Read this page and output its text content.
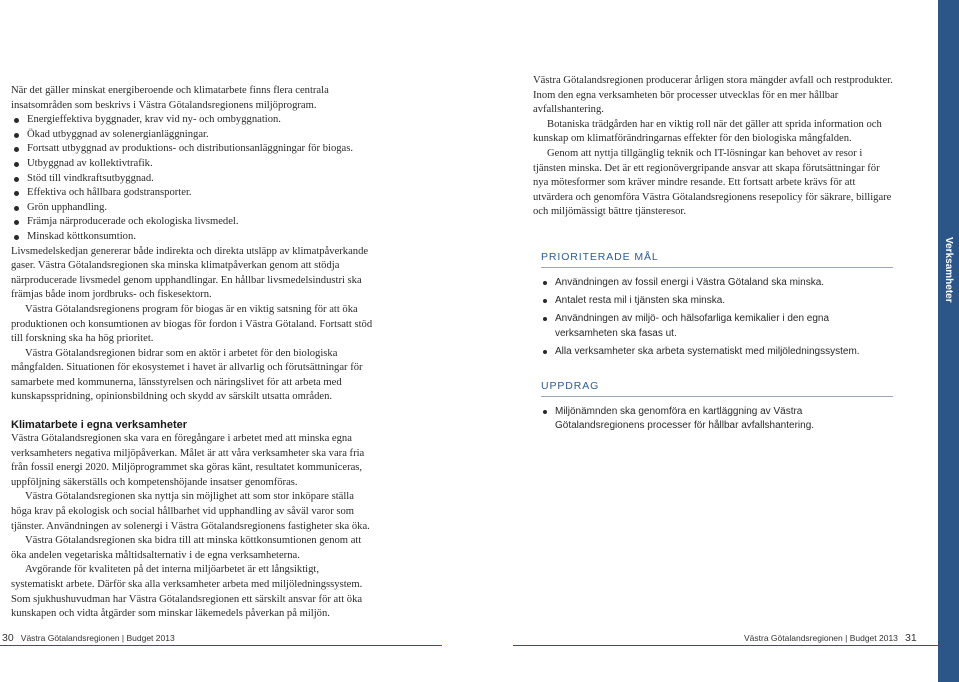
När det gäller minskat energiberoende och klimatarbete finns flera centrala insatsområden som beskrivs i Västra Götalandsregionens miljöprogram.

Energieffektiva byggnader, krav vid ny- och ombyggnation.
Ökad utbyggnad av solenergianläggningar.
Fortsatt utbyggnad av produktions- och distributionsanläggningar för biogas.
Utbyggnad av kollektivtrafik.
Stöd till vindkraftsutbyggnad.
Effektiva och hållbara godstransporter.
Grön upphandling.
Främja närproducerade och ekologiska livsmedel.
Minskad köttkonsumtion.

Livsmedelskedjan genererar både indirekta och direkta utsläpp av klimatpåverkande gaser. Västra Götalandsregionen ska minska klimatpåverkan genom att stödja närproducerade livsmedel genom upphandlingar. En hållbar livsmedelsindustri ska främjas både inom jordbruks- och fiskesektorn.

Västra Götalandsregionens program för biogas är en viktig satsning för att öka produktionen och konsumtionen av biogas för fordon i Västra Götaland. Fortsatt stöd till forskning ska ha hög prioritet.

Västra Götalandsregionen bidrar som en aktör i arbetet för den biologiska mångfalden. Situationen för ekosystemet i havet är allvarlig och förutsättningar för samarbete med kommunerna, länsstyrelsen och näringslivet för att arbeta med kunskapsspridning, opinionsbildning och skydd av särskilt utsatta områden.

Klimatarbete i egna verksamheter

Västra Götalandsregionen ska vara en föregångare i arbetet med att minska egna verksamheters negativa miljöpåverkan. Målet är att våra verksamheter ska vara fria från fossil energi 2020. Miljöprogrammet ska göras känt, resultatet kommuniceras, uppföljning säkerställs och kompetenshöjande insatser genomföras.

Västra Götalandsregionen ska nyttja sin möjlighet att som stor inköpare ställa höga krav på ekologisk och social hållbarhet vid upphandling av såväl varor som tjänster. Användningen av solenergi i Västra Götalandsregionens fastigheter ska öka.

Västra Götalandsregionen ska bidra till att minska köttkonsumtionen genom att öka andelen vegetariska måltidsalternativ i de egna verksamheterna.

Avgörande för kvaliteten på det interna miljöarbetet är ett långsiktigt, systematiskt arbete. Därför ska alla verksamheter arbeta med miljöledningssystem. Som sjukhushuvudman har Västra Götalandsregionen ett särskilt ansvar för att öka kunskapen och vidta åtgärder som minskar läkemedels påverkan på miljön.

Västra Götalandsregionen producerar årligen stora mängder avfall och restprodukter. Inom den egna verksamheten bör processer utvecklas för en mer hållbar avfallshantering.

Botaniska trädgården har en viktig roll när det gäller att sprida information och kunskap om klimatförändringarnas effekter för den biologiska mångfalden.

Genom att nyttja tillgänglig teknik och IT-lösningar kan behovet av resor i tjänsten minska. Det är ett regionövergripande ansvar att skapa förutsättningar för nya mötesformer som kräver mindre resande. Ett fortsatt arbete krävs för att utvärdera och genomföra Västra Götalandsregionens resepolicy för säkrare, billigare och miljömässigt bättre tjänsteresor.

PRIORITERADE MÅL
Användningen av fossil energi i Västra Götaland ska minska.
Antalet resta mil i tjänsten ska minska.
Användningen av miljö- och hälsofarliga kemikalier i den egna verksamheten ska fasas ut.
Alla verksamheter ska arbeta systematiskt med miljöledningssystem.
UPPDRAG
Miljönämnden ska genomföra en kartläggning av Västra Götalandsregionens processer för hållbar avfallshantering.
Verksamheter
30 Västra Götalandsregionen | Budget 2013	Västra Götalandsregionen | Budget 2013 31
